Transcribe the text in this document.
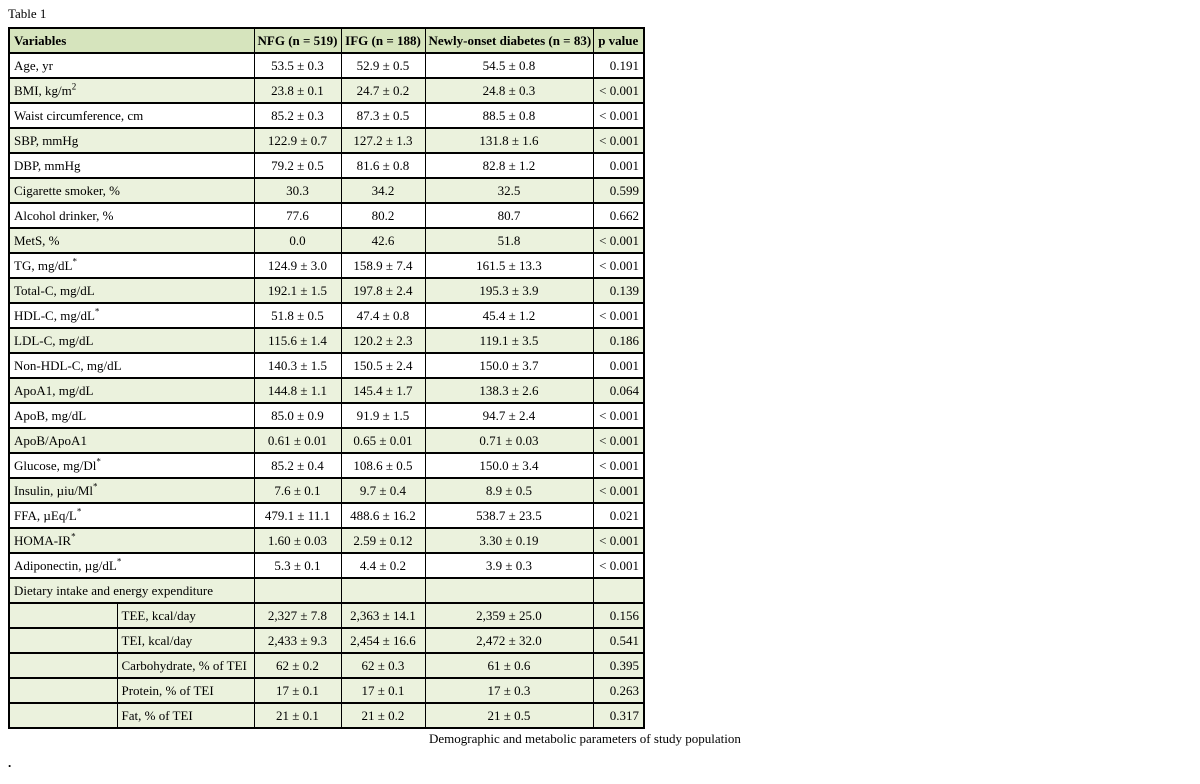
Table 1
Variables		NFG (n = 519)	IFG (n = 188)	Newly-onset diabetes (n = 83)	p value
Age, yr		53.5 ± 0.3	52.9 ± 0.5	54.5 ± 0.8	0.191
BMI, $kg/m^2$		23.8 ± 0.1	24.7 ± 0.2	24.8 ± 0.3	< 0.001
Waist circumference, cm		85.2 ± 0.3	87.3 ± 0.5	88.5 ± 0.8	< 0.001
SBP, mmHg		122.9 ± 0.7	127.2 ± 1.3	131.8 ± 1.6	< 0.001
DBP, mmHg		79.2 ± 0.5	81.6 ± 0.8	82.8 ± 1.2	0.001
Cigarette smoker, %		30.3	34.2	32.5	0.599
Alcohol drinker, %		77.6	80.2	80.7	0.662
MetS, %		0.0	42.6	51.8	< 0.001
TG, mg/dL*		124.9 ± 3.0	158.9 ± 7.4	161.5 ± 13.3	< 0.001
Total-C, mg/dL		192.1 ± 1.5	197.8 ± 2.4	195.3 ± 3.9	0.139
HDL-C, mg/dL*		51.8 ± 0.5	47.4 ± 0.8	45.4 ± 1.2	< 0.001
LDL-C, mg/dL		115.6 ± 1.4	120.2 ± 2.3	119.1 ± 3.5	0.186
Non-HDL-C, mg/dL		140.3 ± 1.5	150.5 ± 2.4	150.0 ± 3.7	0.001
ApoA1, mg/dL		144.8 ± 1.1	145.4 ± 1.7	138.3 ± 2.6	0.064
ApoB, mg/dL		85.0 ± 0.9	91.9 ± 1.5	94.7 ± 2.4	< 0.001
ApoB/ApoA1		0.61 ± 0.01	0.65 ± 0.01	0.71 ± 0.03	< 0.001
Glucose, mg/Dl*		85.2 ± 0.4	108.6 ± 0.5	150.0 ± 3.4	< 0.001
Insulin, µiu/Ml*		7.6 ± 0.1	9.7 ± 0.4	8.9 ± 0.5	< 0.001
FFA, µEq/L*		479.1 ± 11.1	488.6 ± 16.2	538.7 ± 23.5	0.021
HOMA-IR*		1.60 ± 0.03	2.59 ± 0.12	3.30 ± 0.19	< 0.001
Adiponectin, µg/dL*		5.3 ± 0.1	4.4 ± 0.2	3.9 ± 0.3	< 0.001
Dietary intake and energy expenditure					
	TEE, kcal/day	2,327 ± 7.8	2,363 ± 14.1	2,359 ± 25.0	0.156
	TEI, kcal/day	2,433 ± 9.3	2,454 ± 16.6	2,472 ± 32.0	0.541
	Carbohydrate, % of TEI	62 ± 0.2	62 ± 0.3	61 ± 0.6	0.395
	Protein, % of TEI	17 ± 0.1	17 ± 0.1	17 ± 0.3	0.263
	Fat, % of TEI	21 ± 0.1	21 ± 0.2	21 ± 0.5	0.317
Demographic and metabolic parameters of study population
.
